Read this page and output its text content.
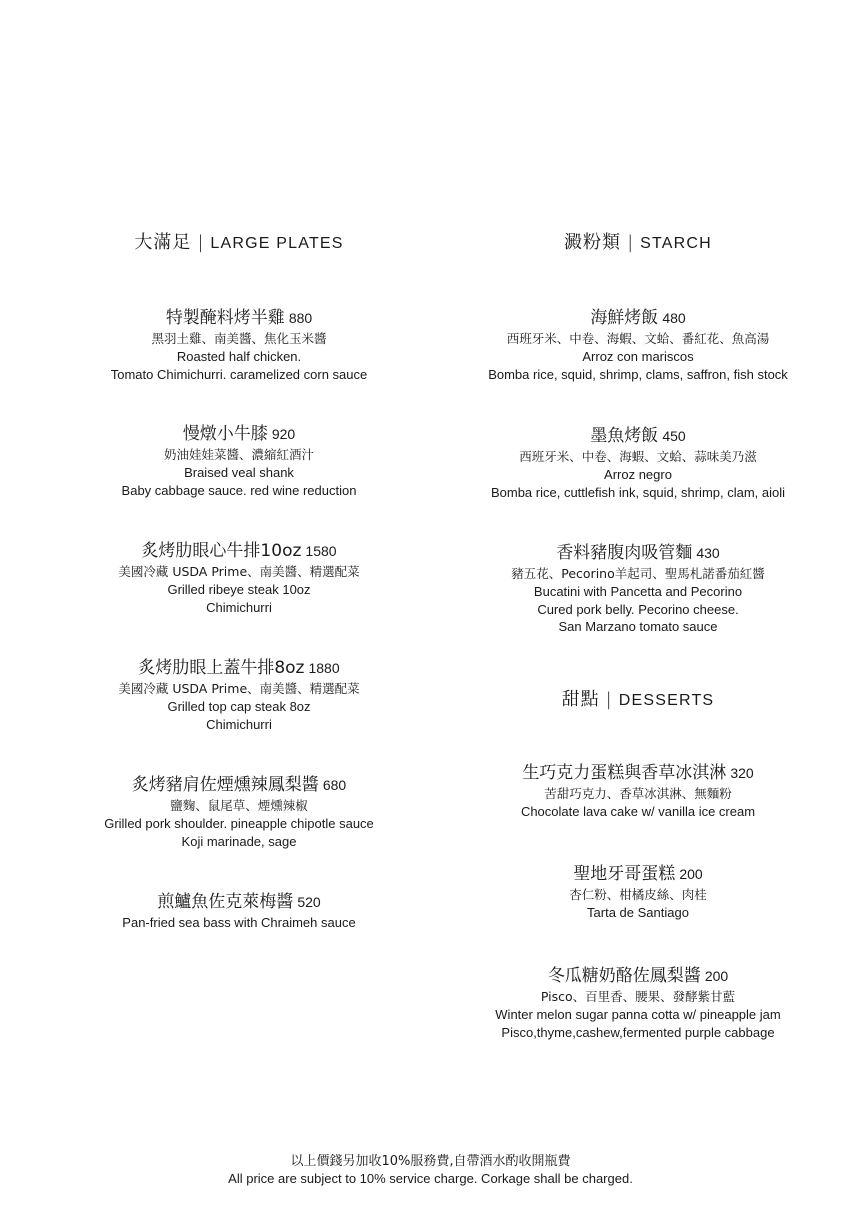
大滿足 | LARGE PLATES
特製醃料烤半雞 880
黑羽土雞、南美醬、焦化玉米醬
Roasted half chicken.
Tomato Chimichurri. caramelized corn sauce
慢燉小牛膝 920
奶油娃娃菜醬、濃縮紅酒汁
Braised veal shank
Baby cabbage sauce. red wine reduction
炙烤肋眼心牛排10oz 1580
美國冷藏 USDA Prime、南美醬、精選配菜
Grilled ribeye steak 10oz
Chimichurri
炙烤肋眼上蓋牛排8oz 1880
美國冷藏 USDA Prime、南美醬、精選配菜
Grilled top cap steak 8oz
Chimichurri
炙烤豬肩佐煙燻辣鳳梨醬 680
鹽麴、鼠尾草、煙燻辣椒
Grilled pork shoulder. pineapple chipotle sauce
Koji marinade, sage
煎鱸魚佐克萊梅醬 520
Pan-fried sea bass with Chraimeh sauce
澱粉類 | STARCH
海鮮烤飯 480
西班牙米、中卷、海蝦、文蛤、番紅花、魚高湯
Arroz con mariscos
Bomba rice, squid, shrimp, clams, saffron, fish stock
墨魚烤飯 450
西班牙米、中卷、海蝦、文蛤、蒜味美乃滋
Arroz negro
Bomba rice, cuttlefish ink, squid, shrimp, clam, aioli
香料豬腹肉吸管麵 430
豬五花、Pecorino羊起司、聖馬札諾番茄紅醬
Bucatini with Pancetta and Pecorino
Cured pork belly. Pecorino cheese.
San Marzano tomato sauce
甜點 | DESSERTS
生巧克力蛋糕與香草冰淇淋 320
苦甜巧克力、香草冰淇淋、無麵粉
Chocolate lava cake w/ vanilla ice cream
聖地牙哥蛋糕 200
杏仁粉、柑橘皮絲、肉桂
Tarta de Santiago
冬瓜糖奶酪佐鳳梨醬 200
Pisco、百里香、腰果、發酵紫甘藍
Winter melon sugar panna cotta w/ pineapple jam
Pisco,thyme,cashew,fermented purple cabbage
以上價錢另加收10%服務費,自帶酒水酌收開瓶費
All price are subject to 10% service charge. Corkage shall be charged.
